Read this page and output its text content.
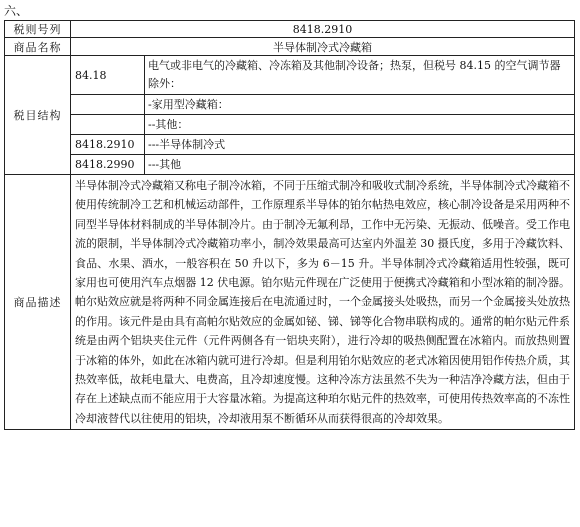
六、
税则号列	8418.2910	
商品名称	半导体制冷式冷藏箱	
税目结构	84.18	电气或非电气的冷藏箱、冷冻箱及其他制冷设备；热泵，但税号 84.15 的空气调节器除外：
		-家用型冷藏箱：
		--其他：
	8418.2910	---半导体制冷式
	8418.2990	---其他
商品描述	半导体制冷式冷藏箱又称电子制冷冰箱，不同于压缩式制冷和吸收式制冷系统，半导体制冷式冷藏箱不使用传统制冷工艺和机械运动部件，工作原理系半导体的铂尔帖热电效应，核心制冷设备是采用两种不同型半导体材料制成的半导体制冷片。由于制冷无氟利昂，工作中无污染、无振动、低噪音。受工作电流的限制，半导体制冷式冷藏箱功率小，制冷效果最高可达室内外温差 30 摄氏度，多用于冷藏饮料、食品、水果、酒水，一般容积在 50 升以下，多为 6－15 升。半导体制冷式冷藏箱适用性较强，既可家用也可使用汽车点烟器 12 伏电源。铂尔贴元件现在广泛使用于便携式冷藏箱和小型冰箱的制冷器。帕尔贴效应就是将两种不同金属连接后在电流通过时，一个金属接头处吸热，而另一个金属接头处放热的作用。该元件是由具有高帕尔贴效应的金属如铋、锑、锑等化合物串联构成的。通常的帕尔贴元件系统是由两个铝块夹住元件（元件两侧各有一铝块夹附），进行冷却的吸热侧配置在冰箱内。而放热则置于冰箱的体外，如此在冰箱内就可进行冷却。但是利用铂尔贴效应的老式冰箱因使用铝作传热介质，其热效率低，故耗电量大、电费高，且冷却速度慢。这种冷冻方法虽然不失为一种洁净冷藏方法，但由于存在上述缺点而不能应用于大容量冰箱。为提高这种珀尔贴元件的热效率，可使用传热效率高的不冻性冷却液替代以往使用的铝块，冷却液用泵不断循环从而获得很高的冷却效果。	
